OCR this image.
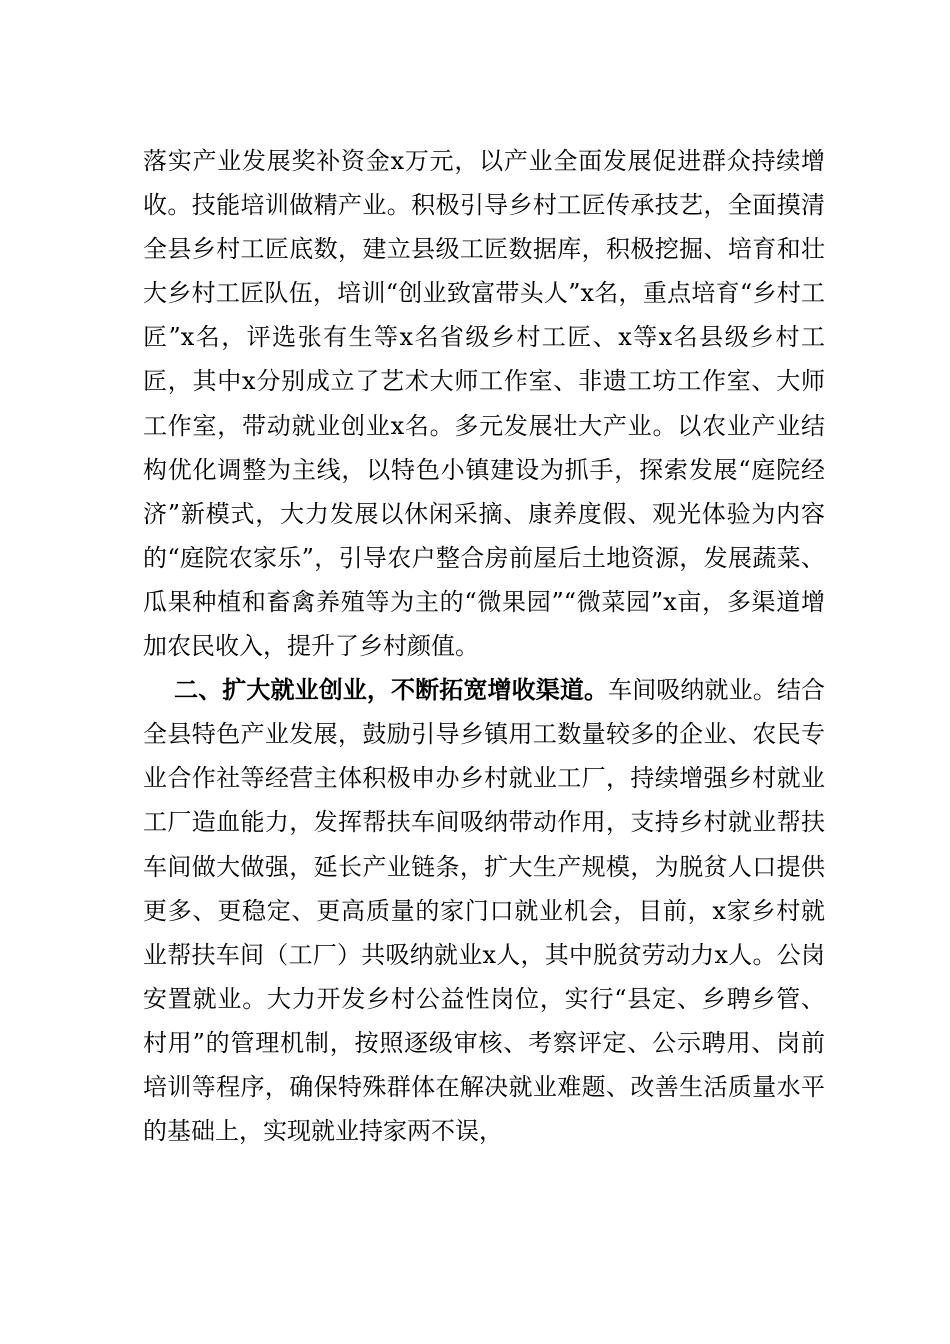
落实产业发展奖补资金x万元，以产业全面发展促进群众持续增收。技能培训做精产业。积极引导乡村工匠传承技艺，全面摸清全县乡村工匠底数，建立县级工匠数据库，积极挖掘、培育和壮大乡村工匠队伍，培训“创业致富带头人”x名，重点培育“乡村工匠”x名，评选张有生等x名省级乡村工匠、x等x名县级乡村工匠，其中x分别成立了艺术大师工作室、非遗工坊工作室、大师工作室，带动就业创业x名。多元发展壮大产业。以农业产业结构优化调整为主线，以特色小镇建设为抓手，探索发展“庭院经济”新模式，大力发展以休闲采摘、康养度假、观光体验为内容的“庭院农家乐”，引导农户整合房前屋后土地资源，发展蔬菜、瓜果种植和畜禽养殖等为主的“微果园”“微菜园”x亩，多渠道增加农民收入，提升了乡村颜值。

二、扩大就业创业，不断拓宽增收渠道。车间吸纳就业。结合全县特色产业发展，鼓励引导乡镇用工数量较多的企业、农民专业合作社等经营主体积极申办乡村就业工厂，持续增强乡村就业工厂造血能力，发挥帮扶车间吸纳带动作用，支持乡村就业帮扶车间做大做强，延长产业链条，扩大生产规模，为脱贫人口提供更多、更稳定、更高质量的家门口就业机会，目前，x家乡村就业帮扶车间（工厂）共吸纳就业x人，其中脱贫劳动力x人。公岗安置就业。大力开发乡村公益性岗位，实行“县定、乡聘乡管、村用”的管理机制，按照逐级审核、考察评定、公示聘用、岗前培训等程序，确保特殊群体在解决就业难题、改善生活质量水平的基础上，实现就业持家两不误，
